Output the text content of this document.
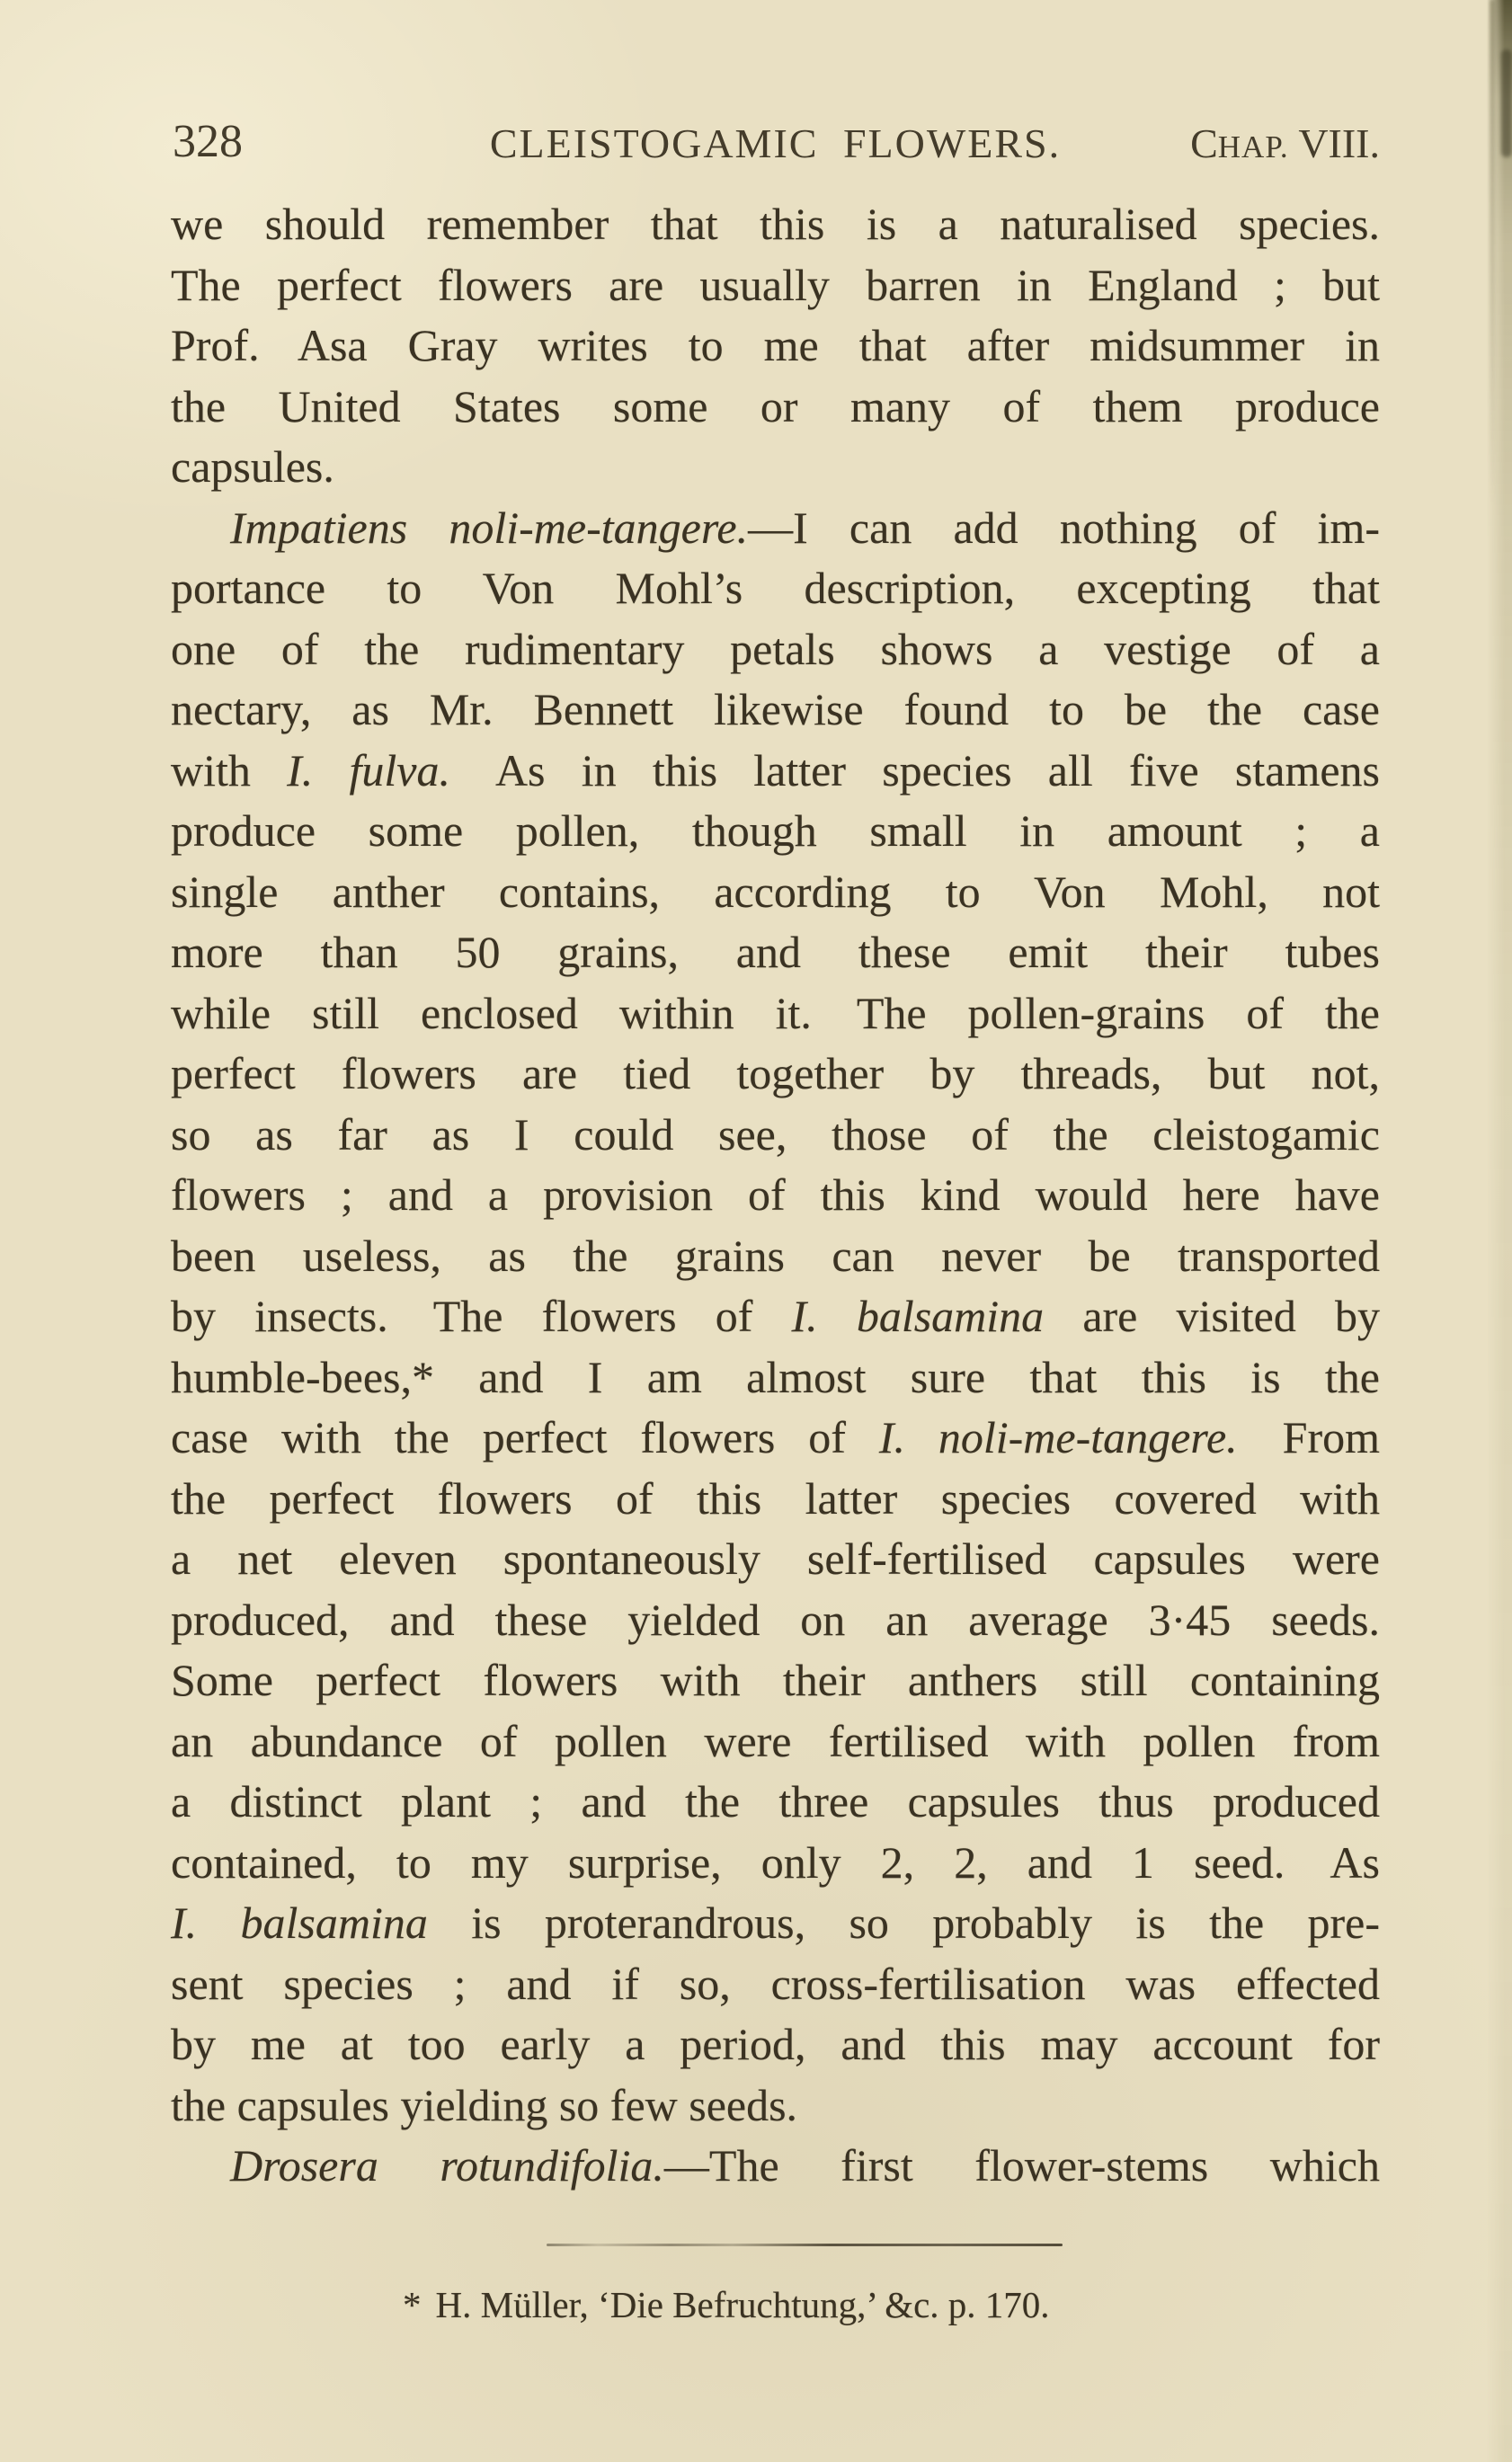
328	CLEISTOGAMIC FLOWERS.	CHAP. VIII.
we should remember that this is a naturalised species.
The perfect flowers are usually barren in England ; but
Prof. Asa Gray writes to me that after midsummer in
the United States some or many of them produce
capsules.
Impatiens noli-me-tangere.—I can add nothing of im-
portance to Von Mohl’s description, excepting that
one of the rudimentary petals shows a vestige of a
nectary, as Mr. Bennett likewise found to be the case
with I. fulva. As in this latter species all five stamens
produce some pollen, though small in amount ; a
single anther contains, according to Von Mohl, not
more than 50 grains, and these emit their tubes
while still enclosed within it. The pollen-grains of the
perfect flowers are tied together by threads, but not,
so as far as I could see, those of the cleistogamic
flowers ; and a provision of this kind would here have
been useless, as the grains can never be transported
by insects. The flowers of I. balsamina are visited by
humble-bees,* and I am almost sure that this is the
case with the perfect flowers of I. noli-me-tangere. From
the perfect flowers of this latter species covered with
a net eleven spontaneously self-fertilised capsules were
produced, and these yielded on an average 3·45 seeds.
Some perfect flowers with their anthers still containing
an abundance of pollen were fertilised with pollen from
a distinct plant ; and the three capsules thus produced
contained, to my surprise, only 2, 2, and 1 seed. As
I. balsamina is proterandrous, so probably is the pre-
sent species ; and if so, cross-fertilisation was effected
by me at too early a period, and this may account for
the capsules yielding so few seeds.
Drosera rotundifolia.—The first flower-stems which
* H. Müller, ‘Die Befruchtung,’ &c. p. 170.
